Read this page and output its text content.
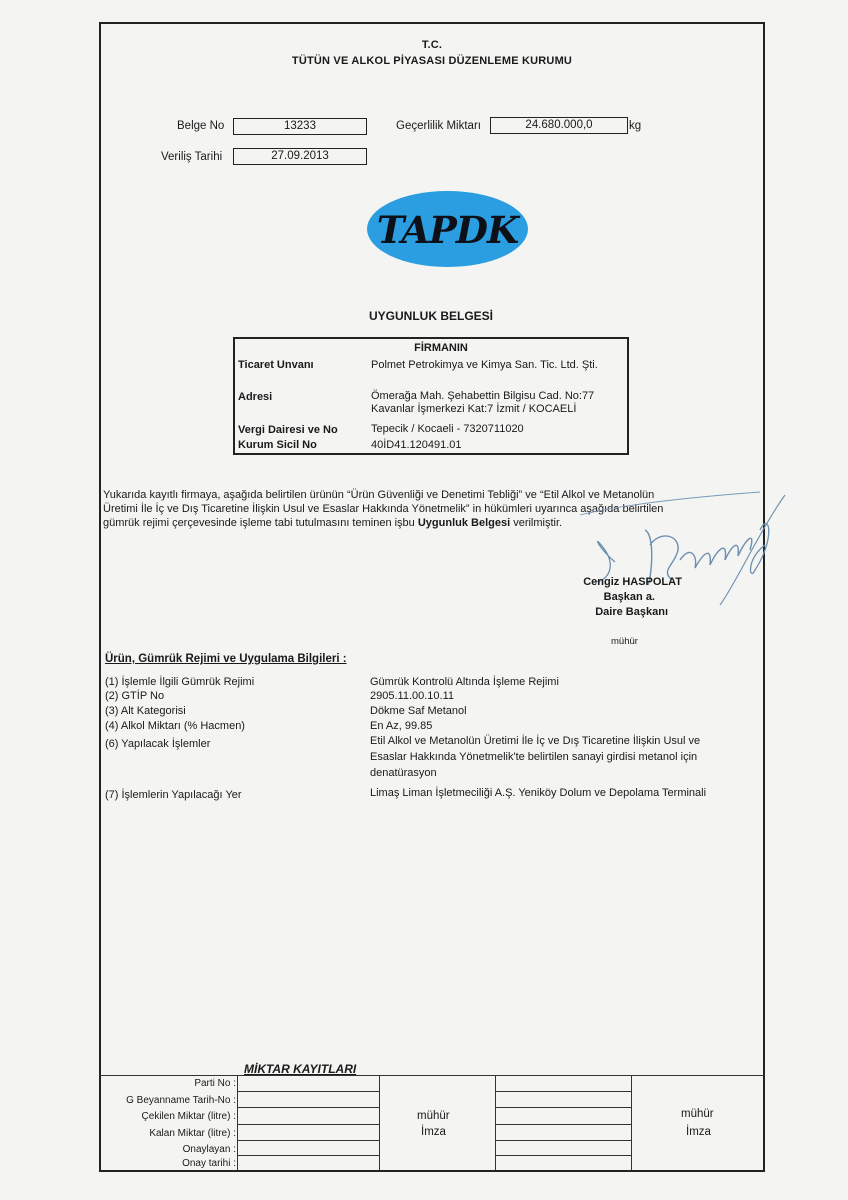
T.C.
TÜTÜN VE ALKOL PİYASASI DÜZENLEME KURUMU
Belge No	13233	Geçerlilik Miktarı	24.680.000,0	kg
Veriliş Tarihi	27.09.2013
TAPDK
UYGUNLUK BELGESİ
FİRMANIN
Ticaret Unvanı	Polmet Petrokimya ve Kimya San. Tic. Ltd. Şti.
Adresi	Ömerağa Mah. Şehabettin Bilgisu Cad. No:77
Kavanlar İşmerkezi Kat:7 İzmit / KOCAELİ
Vergi Dairesi ve No	Tepecik / Kocaeli - 7320711020
Kurum Sicil No	40İD41.120491.01
Yukarıda kayıtlı firmaya, aşağıda belirtilen ürünün “Ürün Güvenliği ve Denetimi Tebliği” ve “Etil Alkol ve Metanolün
Üretimi İle İç ve Dış Ticaretine İlişkin Usul ve Esaslar Hakkında Yönetmelik” in hükümleri uyarınca aşağıda belirtilen
gümrük rejimi çerçevesinde işleme tabi tutulmasını teminen işbu Uygunluk Belgesi verilmiştir.
Cengiz HASPOLAT
Başkan a.
Daire Başkanı
mühür
Ürün, Gümrük Rejimi ve Uygulama Bilgileri :
(1) İşlemle İlgili Gümrük Rejimi	Gümrük Kontrolü Altında İşleme Rejimi
(2) GTİP No	2905.11.00.10.11
(3) Alt Kategorisi	Dökme Saf Metanol
(4) Alkol Miktarı (% Hacmen)	En Az, 99.85
(6) Yapılacak İşlemler	Etil Alkol ve Metanolün Üretimi İle İç ve Dış Ticaretine İlişkin Usul ve
Esaslar Hakkında Yönetmelik'te belirtilen sanayi girdisi metanol için
denatürasyon
(7) İşlemlerin Yapılacağı Yer	Limaş Liman İşletmeciliği A.Ş. Yeniköy Dolum ve Depolama Terminali
MİKTAR KAYITLARI
Parti No :
G Beyanname Tarih-No :
Çekilen Miktar (litre) :
Kalan Miktar (litre) :
Onaylayan :
Onay tarihi :
mühür
İmza
mühür
İmza
